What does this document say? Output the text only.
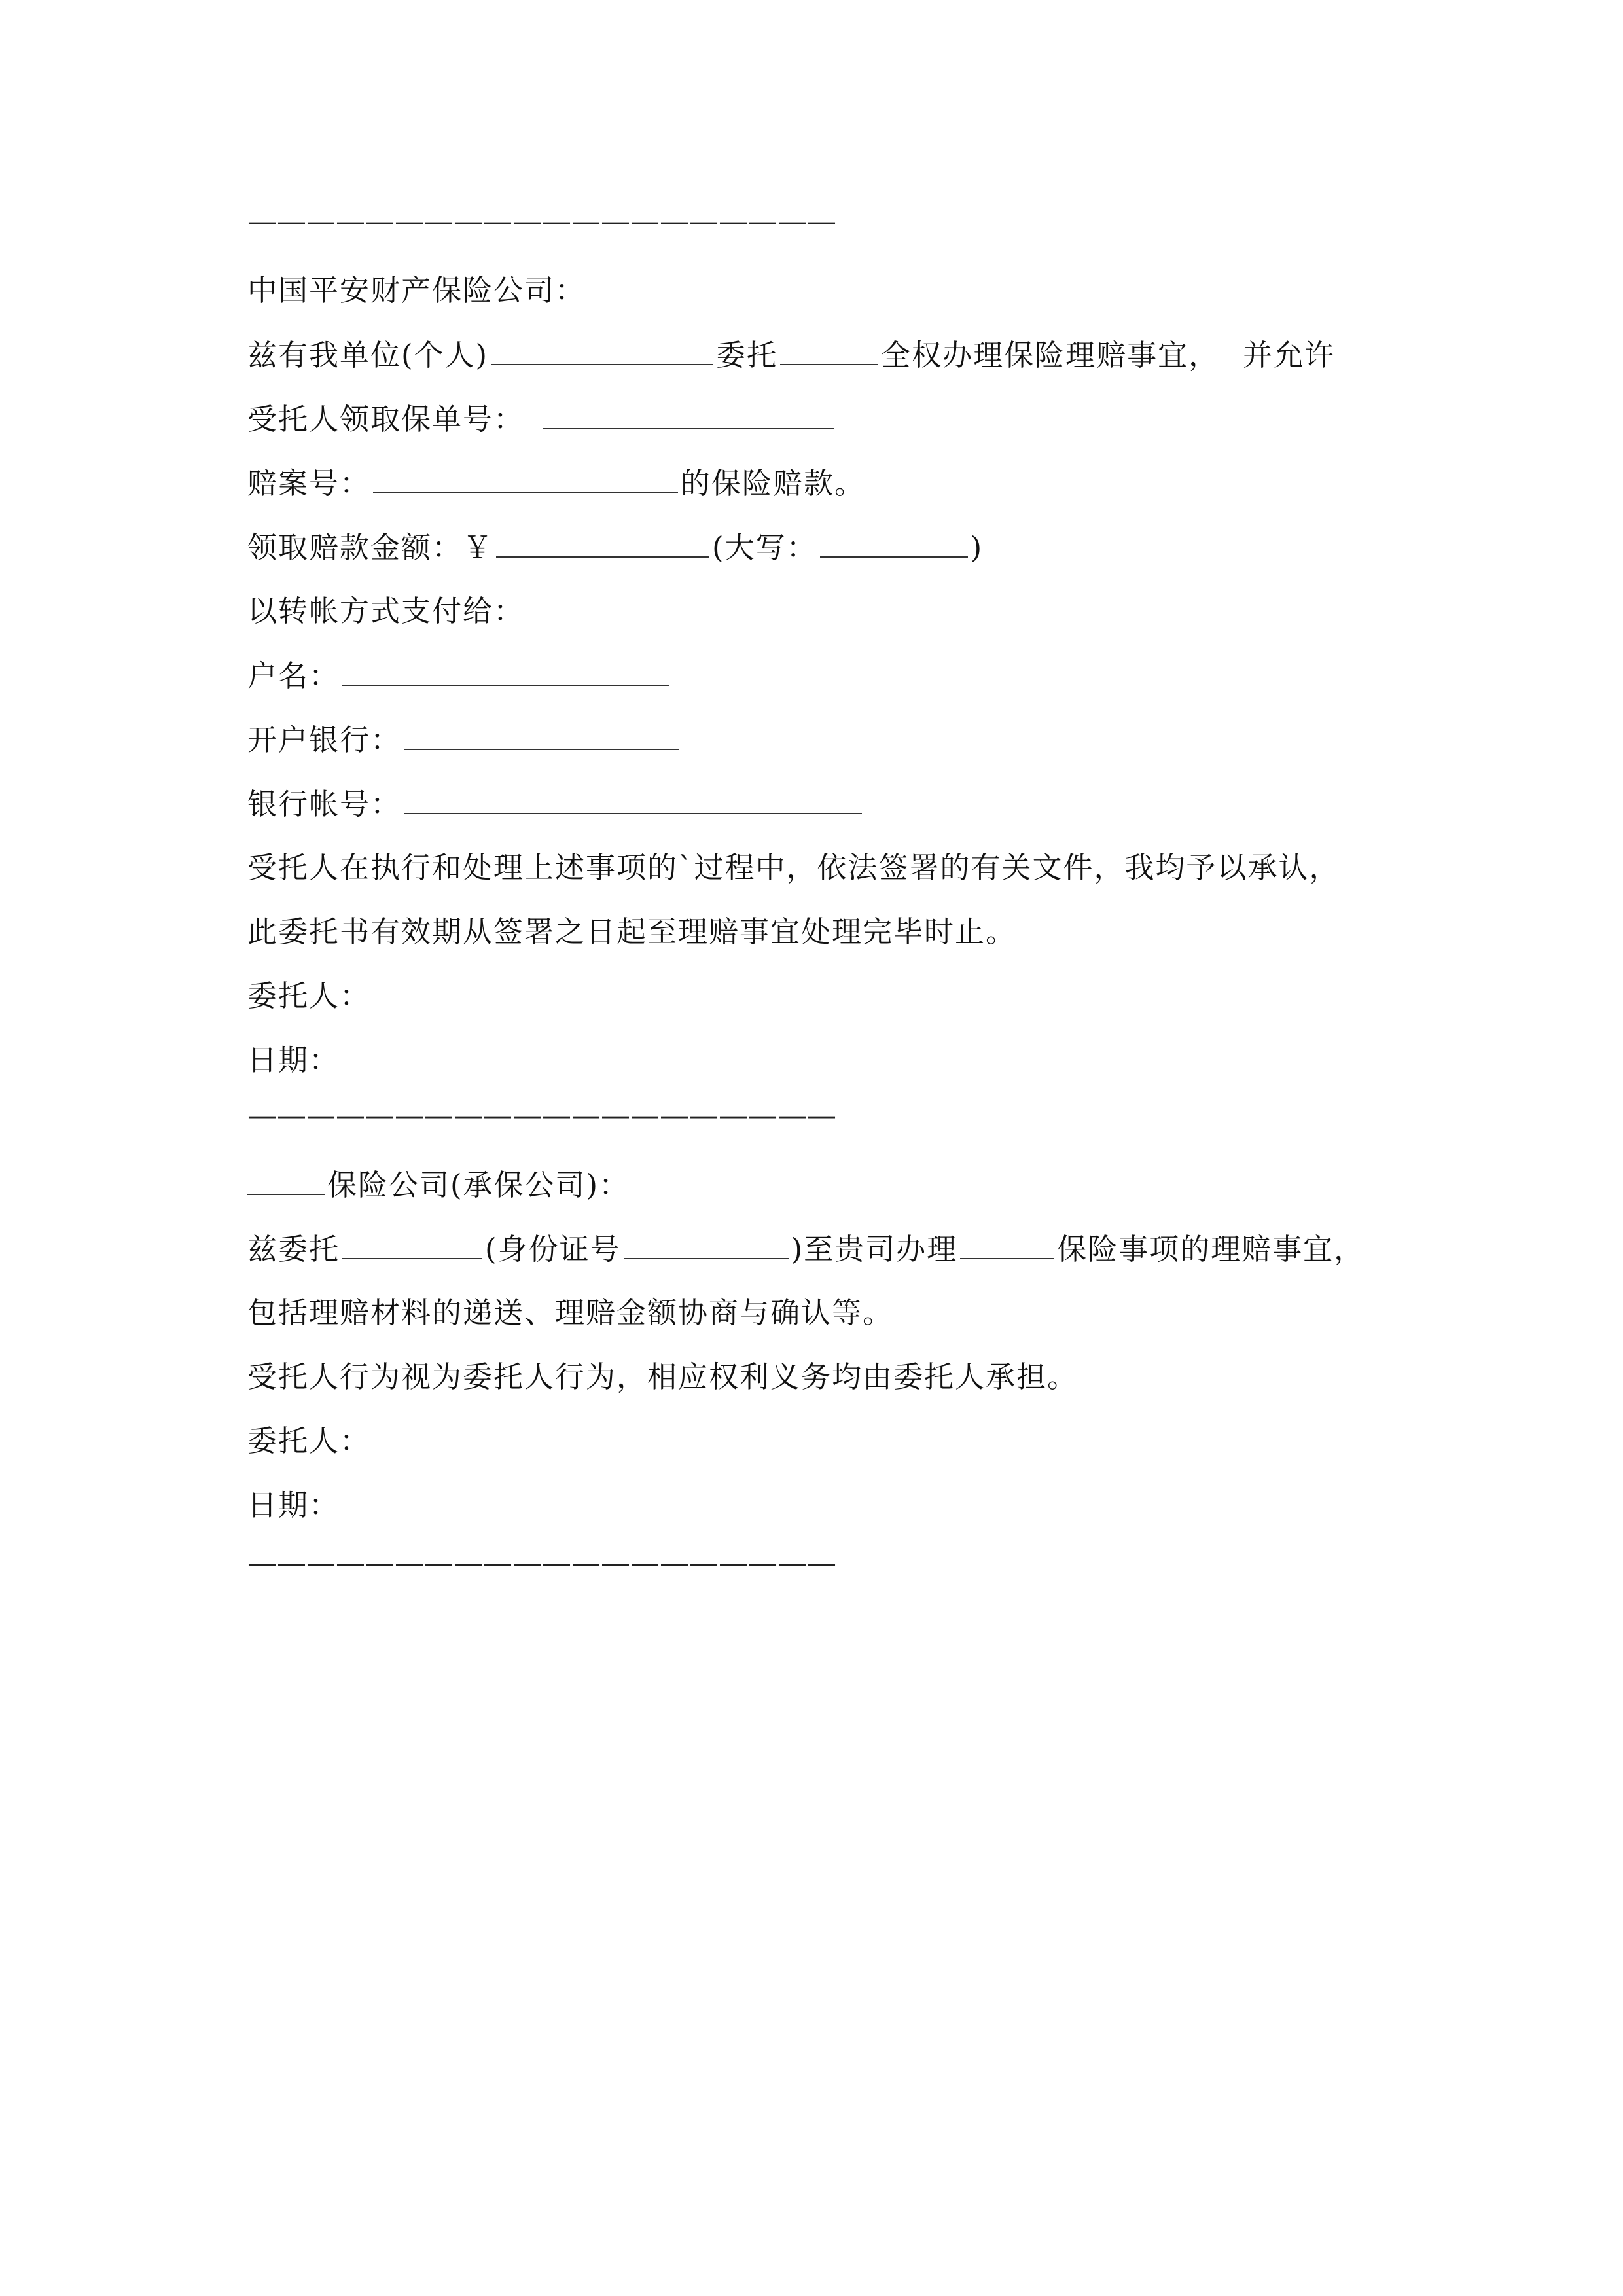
————————————————————
中国平安财产保险公司：
兹有我单位(个人)	委托	全权办理保险理赔事宜， 并允许
受托人领取保单号：
赔案号：	的保险赔款。
领取赔款金额：￥	(大写：	)
以转帐方式支付给：
户名：
开户银行：
银行帐号：
受托人在执行和处理上述事项的`过程中，依法签署的有关文件，我均予以承认，
此委托书有效期从签署之日起至理赔事宜处理完毕时止。
委托人：
日期：
————————————————————
保险公司(承保公司)：
兹委托	(身份证号	)至贵司办理	保险事项的理赔事宜，
包括理赔材料的递送、理赔金额协商与确认等。
受托人行为视为委托人行为，相应权利义务均由委托人承担。
委托人：
日期：
————————————————————
